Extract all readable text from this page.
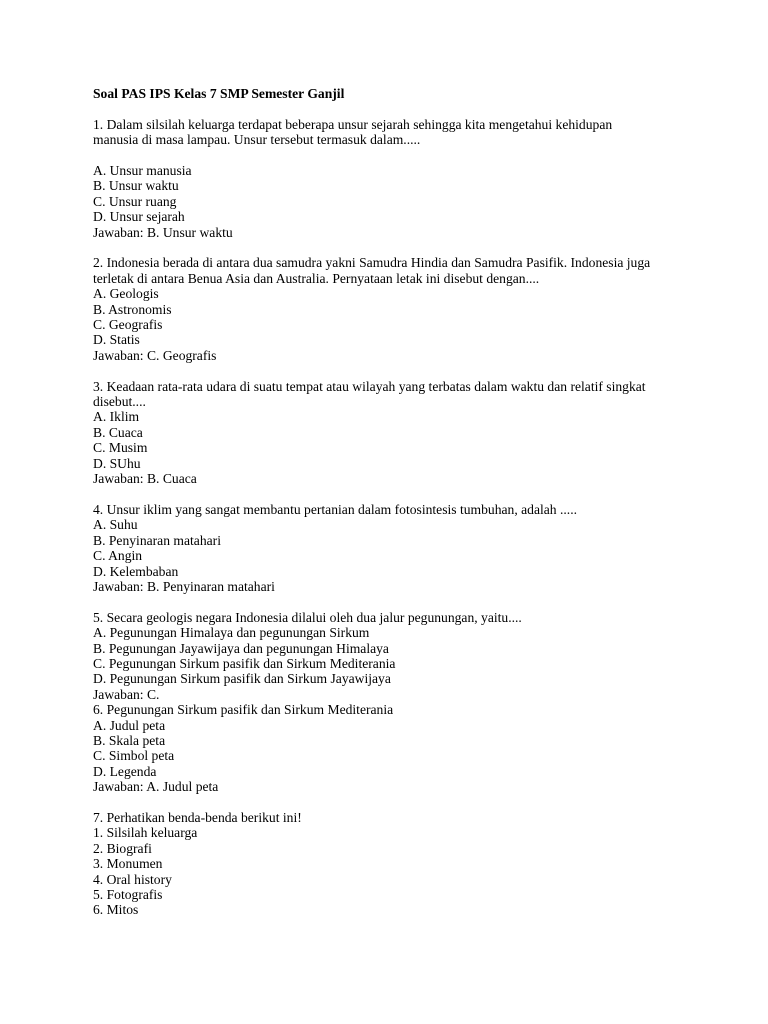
Soal PAS IPS Kelas 7 SMP Semester Ganjil
1. Dalam silsilah keluarga terdapat beberapa unsur sejarah sehingga kita mengetahui kehidupan
manusia di masa lampau. Unsur tersebut termasuk dalam.....
A. Unsur manusia
B. Unsur waktu
C. Unsur ruang
D. Unsur sejarah
Jawaban: B. Unsur waktu
2. Indonesia berada di antara dua samudra yakni Samudra Hindia dan Samudra Pasifik. Indonesia juga
terletak di antara Benua Asia dan Australia. Pernyataan letak ini disebut dengan....
A. Geologis
B. Astronomis
C. Geografis
D. Statis
Jawaban: C. Geografis
3. Keadaan rata-rata udara di suatu tempat atau wilayah yang terbatas dalam waktu dan relatif singkat
disebut....
A. Iklim
B. Cuaca
C. Musim
D. SUhu
Jawaban: B. Cuaca
4. Unsur iklim yang sangat membantu pertanian dalam fotosintesis tumbuhan, adalah .....
A. Suhu
B. Penyinaran matahari
C. Angin
D. Kelembaban
Jawaban: B. Penyinaran matahari
5. Secara geologis negara Indonesia dilalui oleh dua jalur pegunungan, yaitu....
A. Pegunungan Himalaya dan pegunungan Sirkum
B. Pegunungan Jayawijaya dan pegunungan Himalaya
C. Pegunungan Sirkum pasifik dan Sirkum Mediterania
D. Pegunungan Sirkum pasifik dan Sirkum Jayawijaya
Jawaban: C.
6. Pegunungan Sirkum pasifik dan Sirkum Mediterania
A. Judul peta
B. Skala peta
C. Simbol peta
D. Legenda
Jawaban: A. Judul peta
7. Perhatikan benda-benda berikut ini!
1. Silsilah keluarga
2. Biografi
3. Monumen
4. Oral history
5. Fotografis
6. Mitos
